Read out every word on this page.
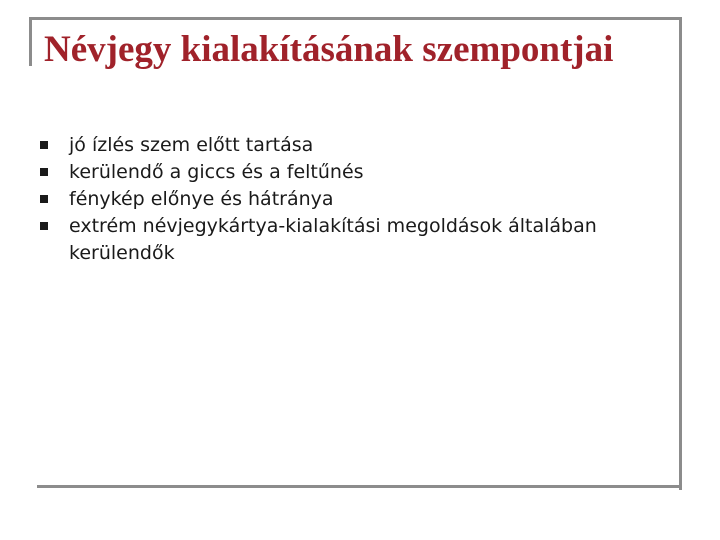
Névjegy kialakításának szempontjai
jó ízlés szem előtt tartása
kerülendő a giccs és a feltűnés
fénykép előnye és hátránya
extrém névjegykártya-kialakítási megoldások általában kerülendők
